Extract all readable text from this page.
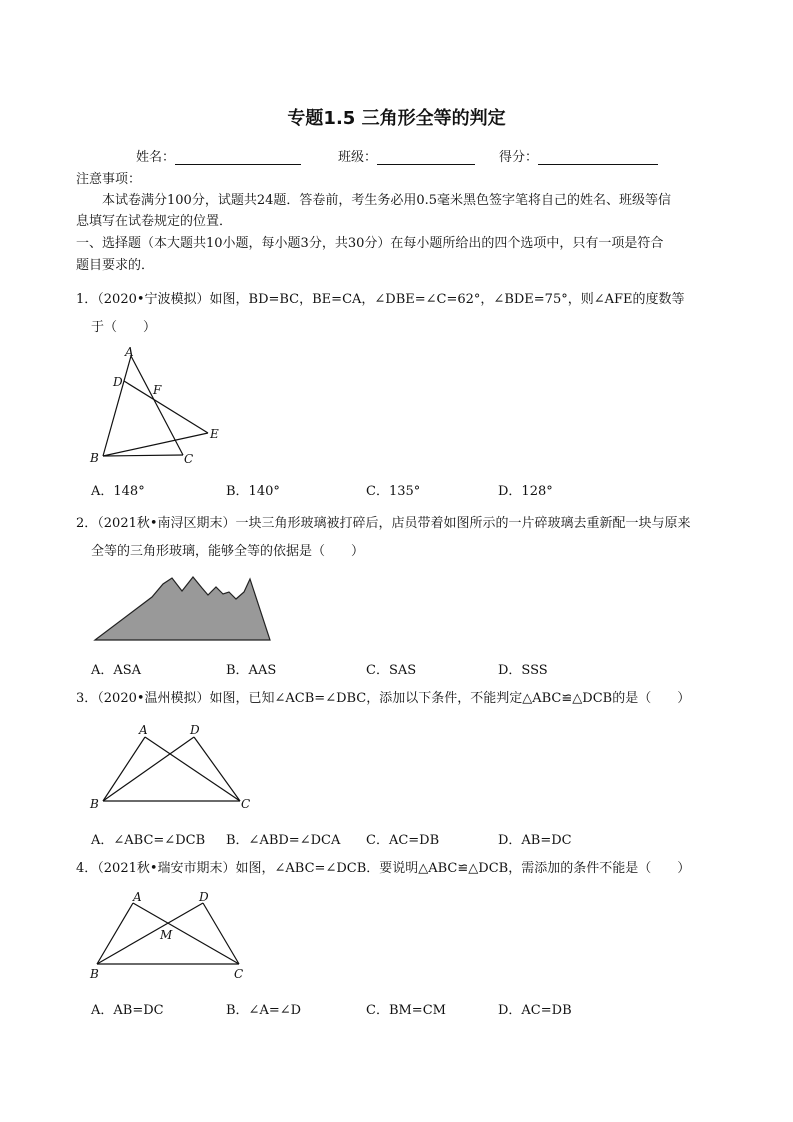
专题1.5 三角形全等的判定
姓名：	班级：	得分：
注意事项：
本试卷满分100分，试题共24题．答卷前，考生务必用0.5毫米黑色签字笔将自己的姓名、班级等信
息填写在试卷规定的位置．
一、选择题（本大题共10小题，每小题3分，共30分）在每小题所给出的四个选项中，只有一项是符合
题目要求的．
1．（2020•宁波模拟）如图，BD=BC，BE=CA，∠DBE=∠C=62°，∠BDE=75°，则∠AFE的度数等
于（　　）
A
D
F
E
B	C
A．148°	B．140°	C．135°	D．128°
2．（2021秋•南浔区期末）一块三角形玻璃被打碎后，店员带着如图所示的一片碎玻璃去重新配一块与原来
全等的三角形玻璃，能够全等的依据是（　　）
A．ASA	B．AAS	C．SAS	D．SSS
3．（2020•温州模拟）如图，已知∠ACB=∠DBC，添加以下条件，不能判定△ABC≌△DCB的是（　　）
A	D
B	C
A．∠ABC=∠DCB B．∠ABD=∠DCA C．AC=DB	D．AB=DC
4．（2021秋•瑞安市期末）如图，∠ABC=∠DCB．要说明△ABC≌△DCB，需添加的条件不能是（　　）
A	D
M
B	C
A．AB=DC	B．∠A=∠D	C．BM=CM	D．AC=DB
